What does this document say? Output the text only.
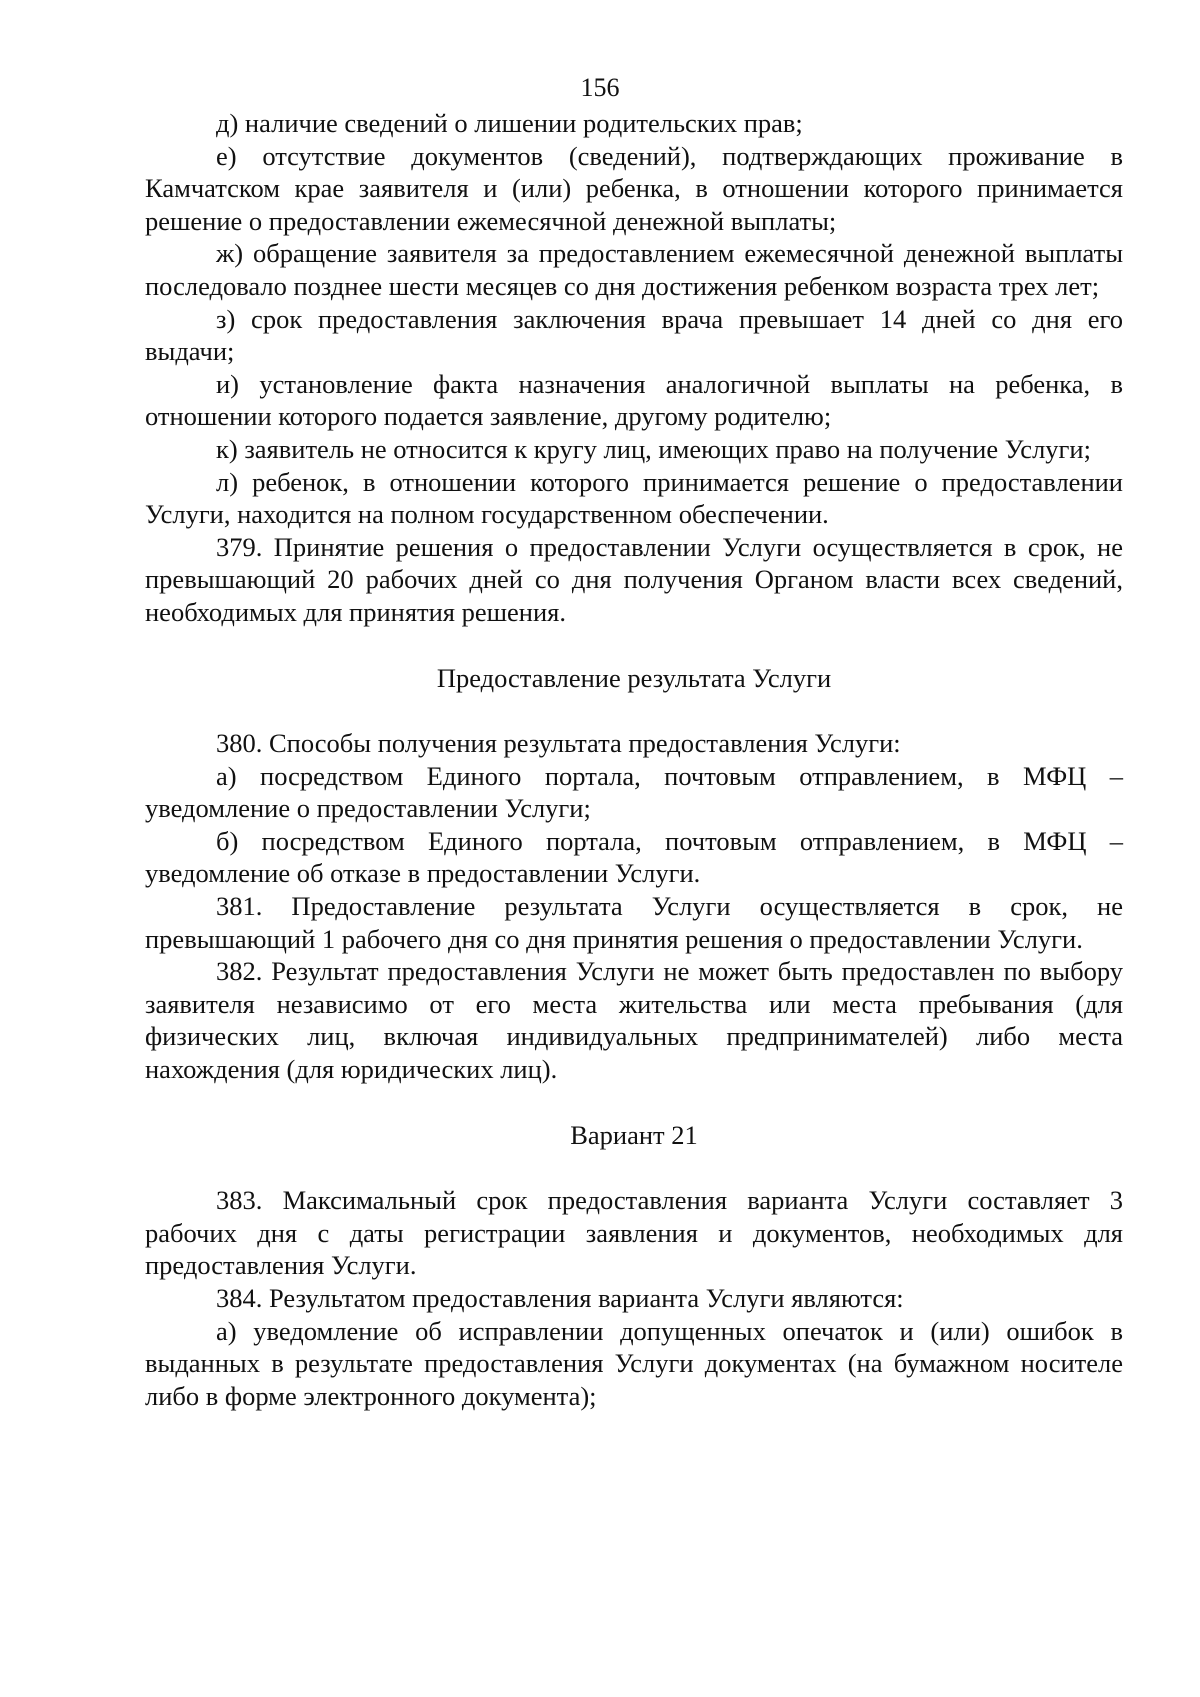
156

д) наличие сведений о лишении родительских прав;

е) отсутствие документов (сведений), подтверждающих проживание в Камчатском крае заявителя и (или) ребенка, в отношении которого принимается решение о предоставлении ежемесячной денежной выплаты;

ж) обращение заявителя за предоставлением ежемесячной денежной выплаты последовало позднее шести месяцев со дня достижения ребенком возраста трех лет;

з) срок предоставления заключения врача превышает 14 дней со дня его выдачи;

и) установление факта назначения аналогичной выплаты на ребенка, в отношении которого подается заявление, другому родителю;

к) заявитель не относится к кругу лиц, имеющих право на получение Услуги;

л) ребенок, в отношении которого принимается решение о предоставлении Услуги, находится на полном государственном обеспечении.

379. Принятие решения о предоставлении Услуги осуществляется в срок, не превышающий 20 рабочих дней со дня получения Органом власти всех сведений, необходимых для принятия решения.

Предоставление результата Услуги

380. Способы получения результата предоставления Услуги:

а) посредством Единого портала, почтовым отправлением, в МФЦ – уведомление о предоставлении Услуги;

б) посредством Единого портала, почтовым отправлением, в МФЦ – уведомление об отказе в предоставлении Услуги.

381. Предоставление результата Услуги осуществляется в срок, не превышающий 1 рабочего дня со дня принятия решения о предоставлении Услуги.

382. Результат предоставления Услуги не может быть предоставлен по выбору заявителя независимо от его места жительства или места пребывания (для физических лиц, включая индивидуальных предпринимателей) либо места нахождения (для юридических лиц).

Вариант 21

383. Максимальный срок предоставления варианта Услуги составляет 3 рабочих дня с даты регистрации заявления и документов, необходимых для предоставления Услуги.

384. Результатом предоставления варианта Услуги являются:

а) уведомление об исправлении допущенных опечаток и (или) ошибок в выданных в результате предоставления Услуги документах (на бумажном носителе либо в форме электронного документа);
